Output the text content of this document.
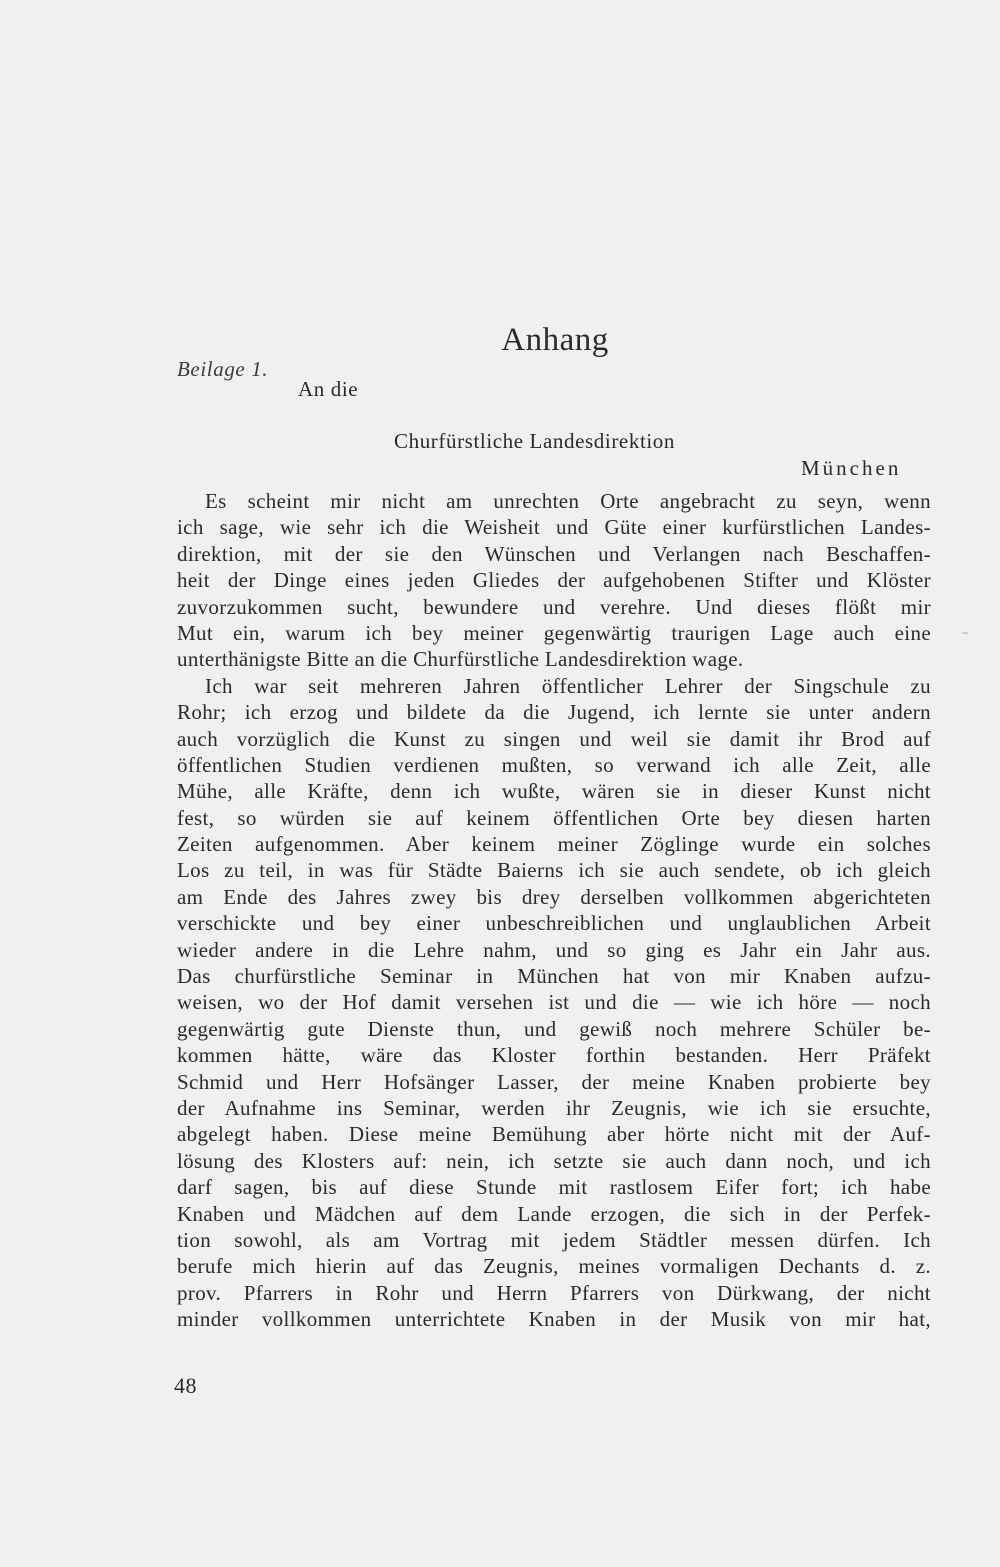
Beilage 1.
Anhang
An die
Churfürstliche Landesdirektion
München
Es scheint mir nicht am unrechten Orte angebracht zu seyn, wenn
ich sage, wie sehr ich die Weisheit und Güte einer kurfürstlichen Landes-
direktion, mit der sie den Wünschen und Verlangen nach Beschaffen-
heit der Dinge eines jeden Gliedes der aufgehobenen Stifter und Klöster
zuvorzukommen sucht, bewundere und verehre. Und dieses flößt mir
Mut ein, warum ich bey meiner gegenwärtig traurigen Lage auch eine
unterthänigste Bitte an die Churfürstliche Landesdirektion wage.
Ich war seit mehreren Jahren öffentlicher Lehrer der Singschule zu
Rohr; ich erzog und bildete da die Jugend, ich lernte sie unter andern
auch vorzüglich die Kunst zu singen und weil sie damit ihr Brod auf
öffentlichen Studien verdienen mußten, so verwand ich alle Zeit, alle
Mühe, alle Kräfte, denn ich wußte, wären sie in dieser Kunst nicht
fest, so würden sie auf keinem öffentlichen Orte bey diesen harten
Zeiten aufgenommen. Aber keinem meiner Zöglinge wurde ein solches
Los zu teil, in was für Städte Baierns ich sie auch sendete, ob ich gleich
am Ende des Jahres zwey bis drey derselben vollkommen abgerichteten
verschickte und bey einer unbeschreiblichen und unglaublichen Arbeit
wieder andere in die Lehre nahm, und so ging es Jahr ein Jahr aus.
Das churfürstliche Seminar in München hat von mir Knaben aufzu-
weisen, wo der Hof damit versehen ist und die — wie ich höre — noch
gegenwärtig gute Dienste thun, und gewiß noch mehrere Schüler be-
kommen hätte, wäre das Kloster forthin bestanden. Herr Präfekt
Schmid und Herr Hofsänger Lasser, der meine Knaben probierte bey
der Aufnahme ins Seminar, werden ihr Zeugnis, wie ich sie ersuchte,
abgelegt haben. Diese meine Bemühung aber hörte nicht mit der Auf-
lösung des Klosters auf: nein, ich setzte sie auch dann noch, und ich
darf sagen, bis auf diese Stunde mit rastlosem Eifer fort; ich habe
Knaben und Mädchen auf dem Lande erzogen, die sich in der Perfek-
tion sowohl, als am Vortrag mit jedem Städtler messen dürfen. Ich
berufe mich hierin auf das Zeugnis, meines vormaligen Dechants d. z.
prov. Pfarrers in Rohr und Herrn Pfarrers von Dürkwang, der nicht
minder vollkommen unterrichtete Knaben in der Musik von mir hat,
48
